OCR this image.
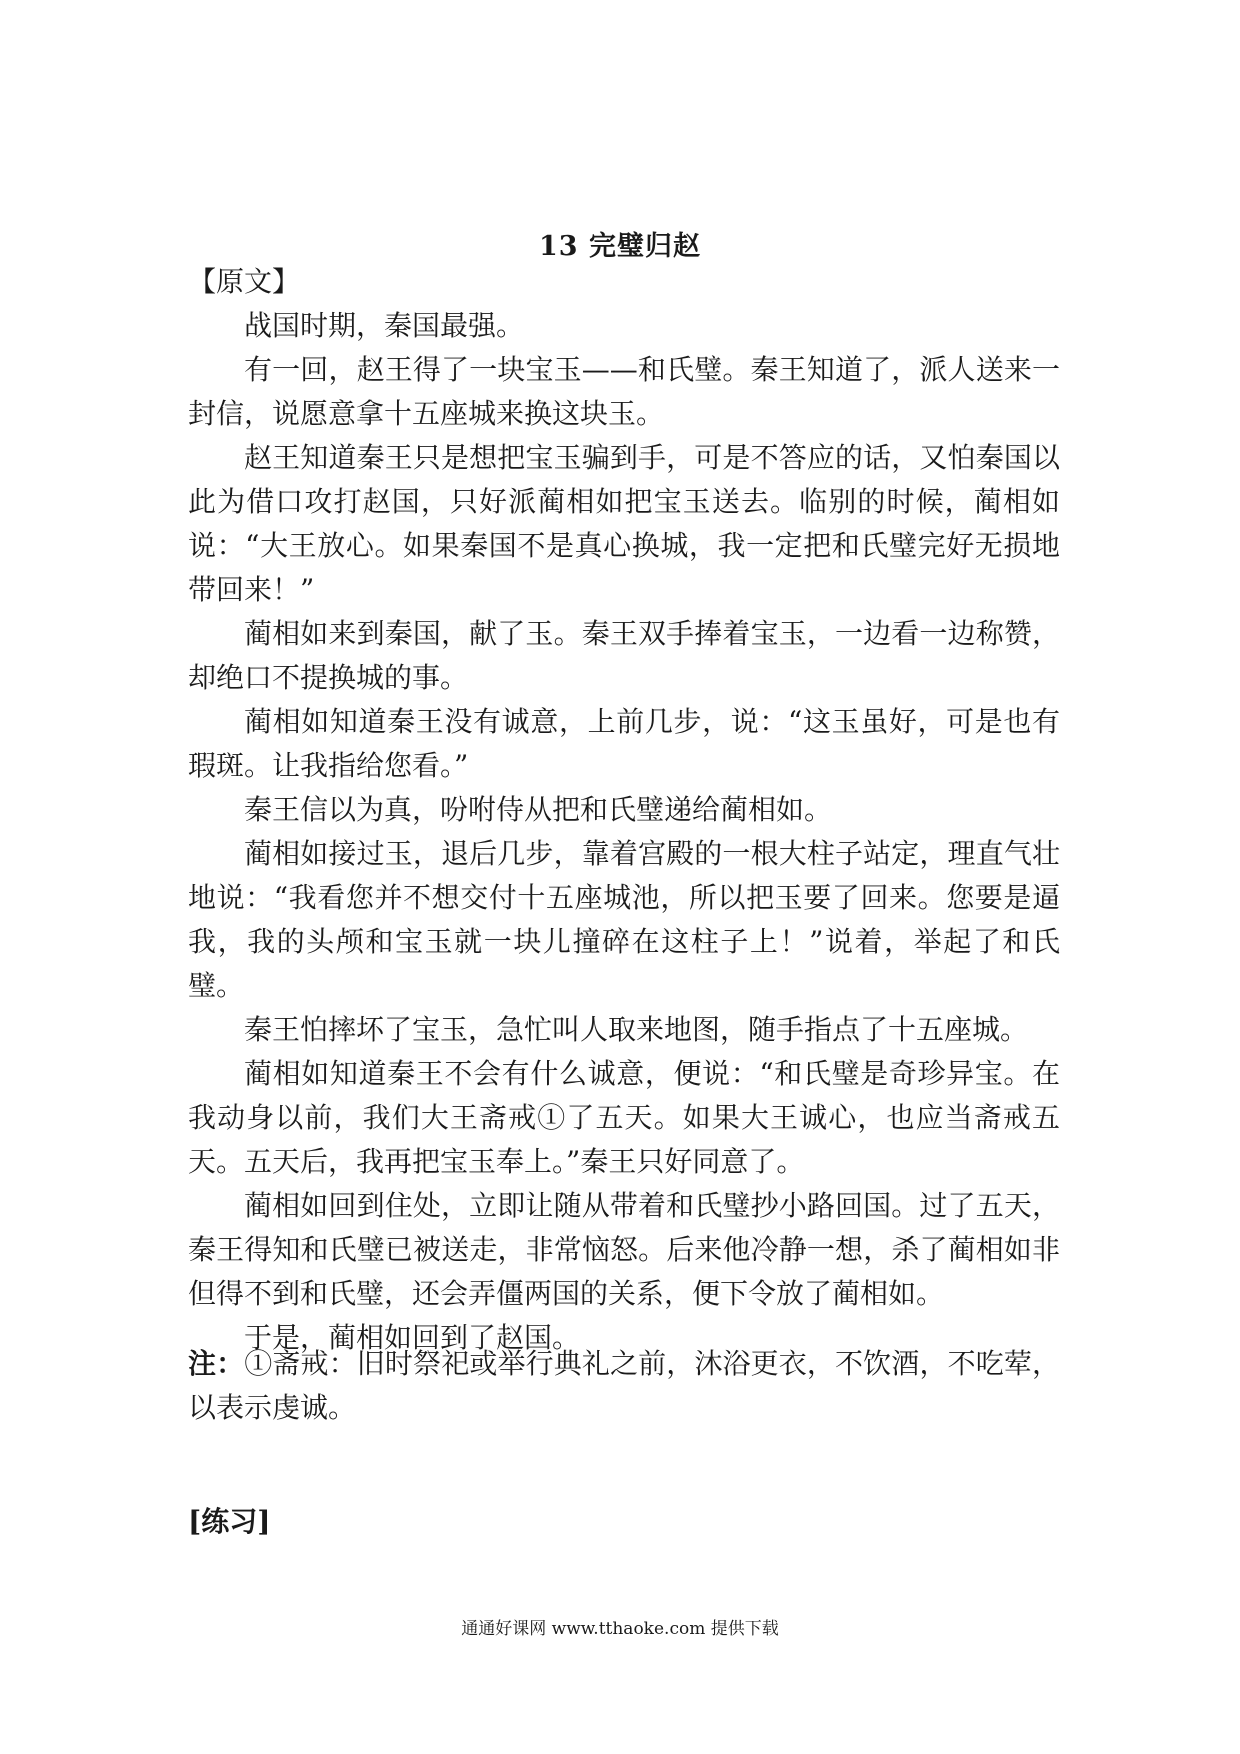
13 完璧归赵
【原文】

战国时期，秦国最强。

有一回，赵王得了一块宝玉——和氏璧。秦王知道了，派人送来一封信，说愿意拿十五座城来换这块玉。

赵王知道秦王只是想把宝玉骗到手，可是不答应的话，又怕秦国以此为借口攻打赵国，只好派蔺相如把宝玉送去。临别的时候，蔺相如说：“大王放心。如果秦国不是真心换城，我一定把和氏璧完好无损地带回来！”

蔺相如来到秦国，献了玉。秦王双手捧着宝玉，一边看一边称赞，却绝口不提换城的事。

蔺相如知道秦王没有诚意，上前几步，说：“这玉虽好，可是也有瑕斑。让我指给您看。”

秦王信以为真，吩咐侍从把和氏璧递给蔺相如。

蔺相如接过玉，退后几步，靠着宫殿的一根大柱子站定，理直气壮地说：“我看您并不想交付十五座城池，所以把玉要了回来。您要是逼我，我的头颅和宝玉就一块儿撞碎在这柱子上！”说着，举起了和氏璧。

秦王怕摔坏了宝玉，急忙叫人取来地图，随手指点了十五座城。

蔺相如知道秦王不会有什么诚意，便说：“和氏璧是奇珍异宝。在我动身以前，我们大王斋戒①了五天。如果大王诚心，也应当斋戒五天。五天后，我再把宝玉奉上。”秦王只好同意了。

蔺相如回到住处，立即让随从带着和氏璧抄小路回国。过了五天，秦王得知和氏璧已被送走，非常恼怒。后来他冷静一想，杀了蔺相如非但得不到和氏璧，还会弄僵两国的关系，便下令放了蔺相如。

于是，蔺相如回到了赵国。

注：①斋戒：旧时祭祀或举行典礼之前，沐浴更衣，不饮酒，不吃荤，以表示虔诚。

[练习]
通通好课网 www.tthaoke.com 提供下载
